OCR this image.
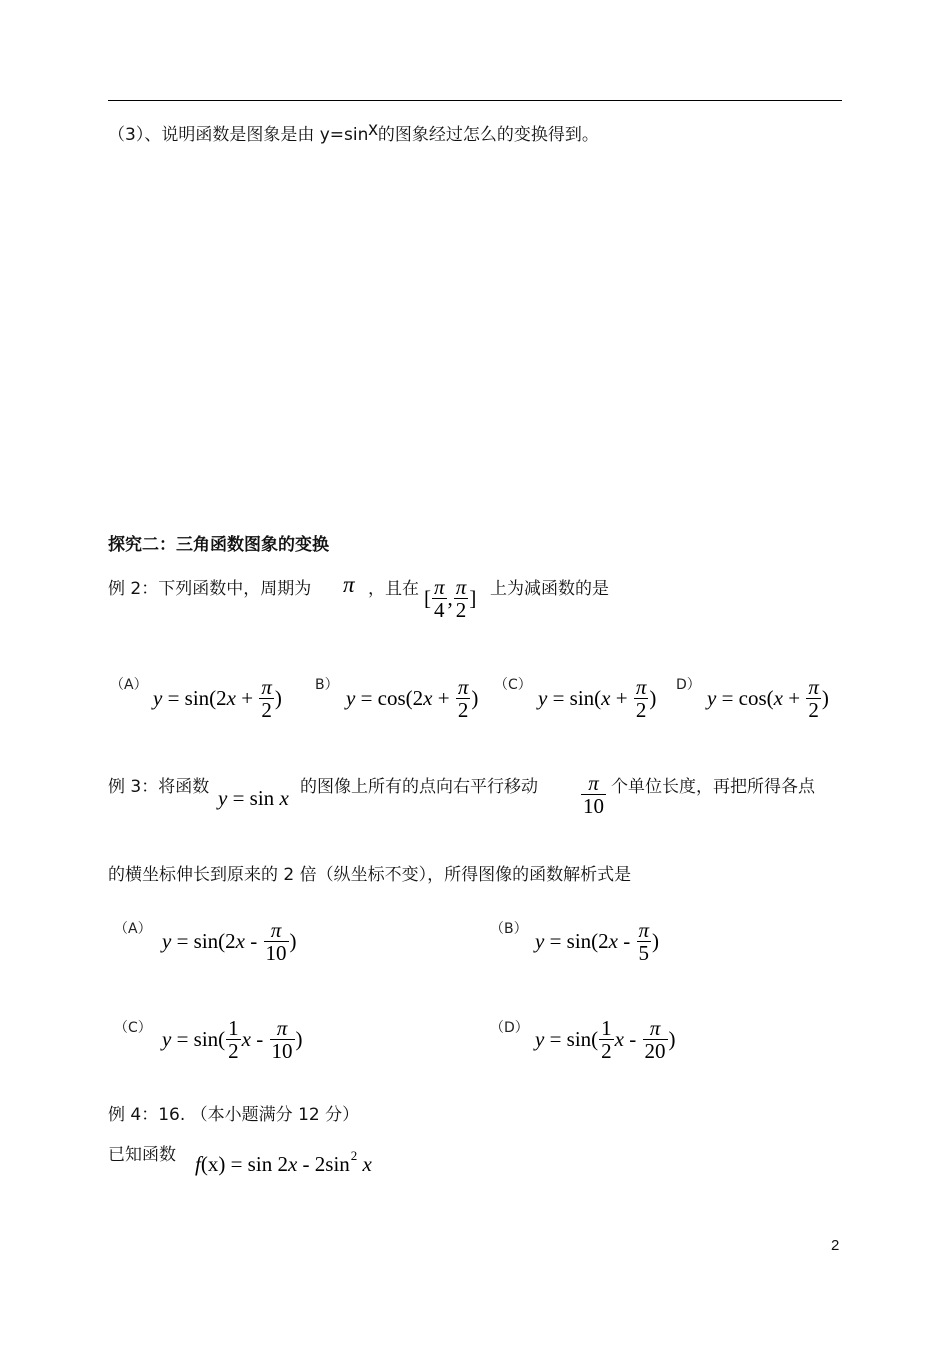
（3）、说明函数是图象是由 y=sinx的图象经过怎么的变换得到。
探究二：三角函数图象的变换
例 2：下列函数中，周期为 π ，且在 [ $\frac{\pi}{4}$ , $\frac{\pi}{2}$ ] 上为减函数的是
（A）
y = sin(2 $x + \frac{\pi}{2}$ )
B）
y = cos(2 $x + \frac{\pi}{2}$ )
（C）
y = sin( $x + \frac{\pi}{2}$ )
D）
y = cos( $x + \frac{\pi}{2}$ )
例 3：将函数 y = sin x 的图像上所有的点向右平行移动 $\frac{\pi}{10}$ 个单位长度，再把所得各点
的横坐标伸长到原来的 2 倍（纵坐标不变），所得图像的函数解析式是
（A） y = sin(2 x - $\frac{\pi}{10}$ )	（B） y = sin(2 x - $\frac{\pi}{5}$ )
（C） $y = \sin( \frac{1}{2}$ x - $\frac{\pi}{10}$ )	（D） $y = \sin( \frac{1}{2}$ x - $\frac{\pi}{20}$ )
例 4：16. （本小题满分 12 分）
已知函数 f (x) = sin 2 x - 2sin 2
x
2
